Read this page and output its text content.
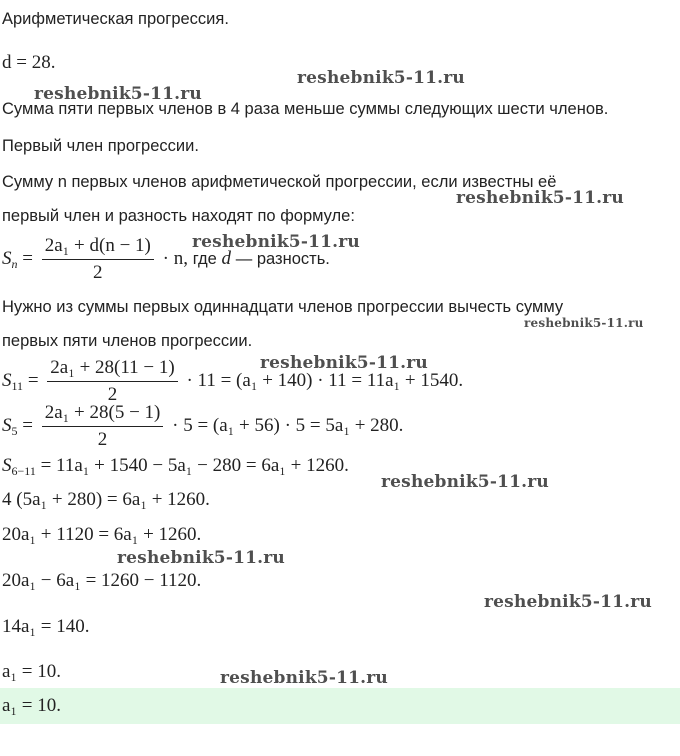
Арифметическая прогрессия.
d = 28.
Сумма пяти первых членов в 4 раза меньше суммы следующих шести членов.
Первый член прогрессии.
Сумму n первых членов арифметической прогрессии, если известны её
первый член и разность находят по формуле:
$S_n = \frac{\text{2a₁ + d(n − 1)}}{2} \cdot n$, где d — разность.
Нужно из суммы первых одиннадцати членов прогрессии вычесть сумму
первых пяти членов прогрессии.
$S_{11} = \frac{\text{2a₁ + 28(11 − 1)}}{2} \cdot 11 = (a_1 + 140) \cdot 11 = 11a_1 + 1540$.
$S_5 = \frac{\text{2a₁ + 28(5 − 1)}}{2} \cdot 5 = (a_1 + 56) \cdot 5 = 5a_1 + 280$.
$S_{6-11} = 11a_1 + 1540 - 5a_1 - 280 = 6a_1 + 1260$.
4 (5a₁ + 280) = 6a₁ + 1260.
20a₁ + 1120 = 6a₁ + 1260.
20a₁ − 6a₁ = 1260 − 1120.
14a₁ = 140.
a₁ = 10.
a₁ = 10.
reshebnik5-11.ru
reshebnik5-11.ru
reshebnik5-11.ru
reshebnik5-11.ru
reshebnik5-11.ru
reshebnik5-11.ru
reshebnik5-11.ru
reshebnik5-11.ru
reshebnik5-11.ru
reshebnik5-11.ru
